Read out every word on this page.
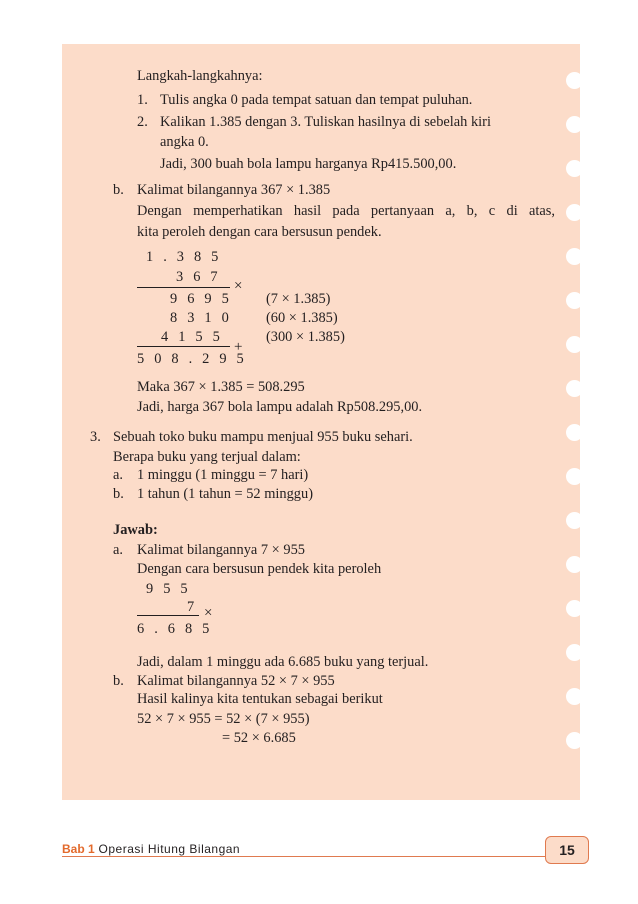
Langkah-langkahnya:
1. Tulis angka 0 pada tempat satuan dan tempat puluhan.
2. Kalikan 1.385 dengan 3. Tuliskan hasilnya di sebelah kiri
angka 0.
Jadi, 300 buah bola lampu harganya Rp415.500,00.
b. Kalimat bilangannya 367 × 1.385
Dengan memperhatikan hasil pada pertanyaan a, b, c di atas,
kita peroleh dengan cara bersusun pendek.
1 . 3 8 5
3 6 7
×
9 6 9 5
8 3 1 0
4 1 5 5
(7 × 1.385)
(60 × 1.385)
(300 × 1.385)
+
5 0 8 . 2 9 5
Maka 367 × 1.385 = 508.295
Jadi, harga 367 bola lampu adalah Rp508.295,00.
3. Sebuah toko buku mampu menjual 955 buku sehari.
Berapa buku yang terjual dalam:
a. 1 minggu (1 minggu = 7 hari)
b. 1 tahun (1 tahun = 52 minggu)
Jawab:
a. Kalimat bilangannya 7 × 955
Dengan cara bersusun pendek kita peroleh
9 5 5
7 ×
6 . 6 8 5
Jadi, dalam 1 minggu ada 6.685 buku yang terjual.
b. Kalimat bilangannya 52 × 7 × 955
Hasil kalinya kita tentukan sebagai berikut
52 × 7 × 955 = 52 × (7 × 955)
= 52 × 6.685
Bab 1 Operasi Hitung Bilangan	15
